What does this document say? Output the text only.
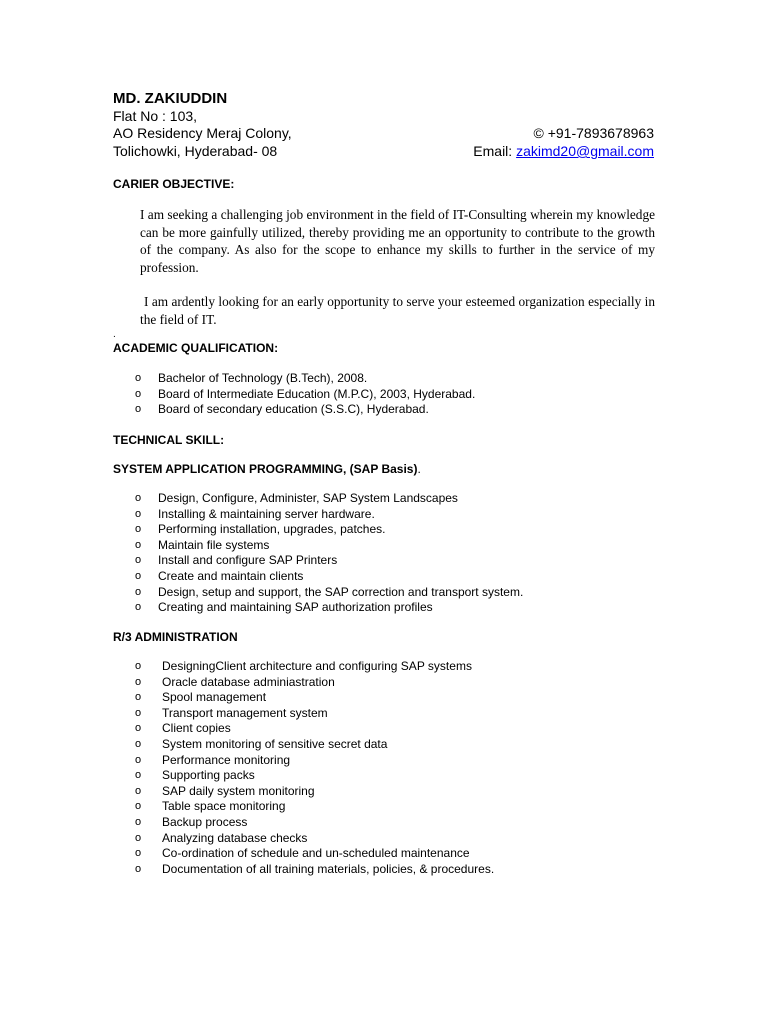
MD. ZAKIUDDIN
Flat No : 103,
AO Residency Meraj Colony,
Tolichowki, Hyderabad- 08
© +91-7893678963
Email: zakimd20@gmail.com
CARIER OBJECTIVE:
I am seeking a challenging job environment in the field of IT-Consulting wherein my knowledge can be more gainfully utilized, thereby providing me an opportunity to contribute to the growth of the company. As also for the scope to enhance my skills to further in the service of my profession.
I am ardently looking for an early opportunity to serve your esteemed organization especially in the field of IT.
.
ACADEMIC QUALIFICATION:
o Bachelor of Technology (B.Tech), 2008.
o Board of Intermediate Education (M.P.C), 2003, Hyderabad.
o Board of secondary education (S.S.C), Hyderabad.
TECHNICAL SKILL:
SYSTEM APPLICATION PROGRAMMING, (SAP Basis).
o Design, Configure, Administer, SAP System Landscapes
o Installing & maintaining server hardware.
o Performing installation, upgrades, patches.
o Maintain file systems
o Install and configure SAP Printers
o Create and maintain clients
o Design, setup and support, the SAP correction and transport system.
o Creating and maintaining SAP authorization profiles
R/3 ADMINISTRATION
o DesigningClient architecture and configuring SAP systems
o Oracle database adminiastration
o Spool management
o Transport management system
o Client copies
o System monitoring of sensitive secret data
o Performance monitoring
o Supporting packs
o SAP daily system monitoring
o Table space monitoring
o Backup process
o Analyzing database checks
o Co-ordination of schedule and un-scheduled maintenance
o Documentation of all training materials, policies, & procedures.
